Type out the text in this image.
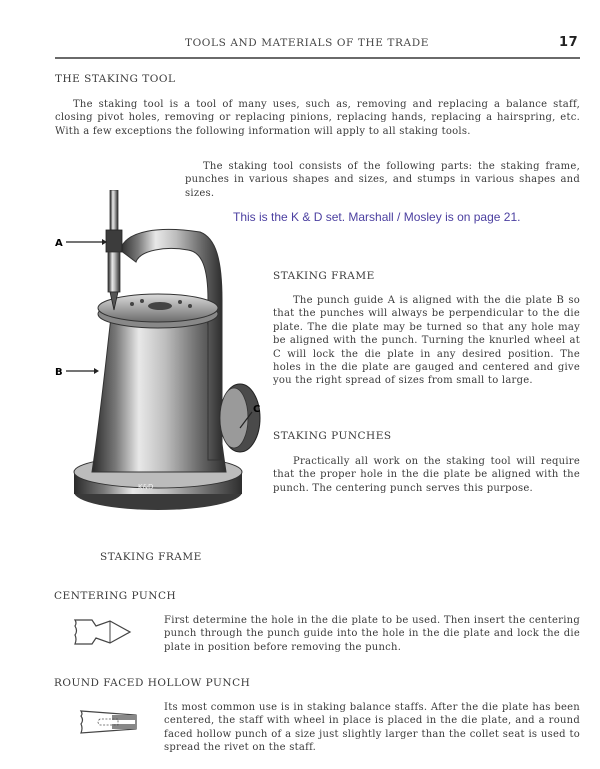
TOOLS AND MATERIALS OF THE TRADE	17
THE STAKING TOOL
The staking tool is a tool of many uses, such as, removing and replacing a balance staff, closing pivot holes, removing or replacing pinions, replacing hands, replacing a hairspring, etc. With a few exceptions the following information will apply to all staking tools.
The staking tool consists of the following parts: the staking frame, punches in various shapes and sizes, and stumps in various shapes and sizes.
This is the K & D set. Marshall / Mosley is on page 21.
K&D
A
B
C
STAKING FRAME
The punch guide A is aligned with the die plate B so that the punches will always be perpendicular to the die plate. The die plate may be turned so that any hole may be aligned with the punch. Turning the knurled wheel at C will lock the die plate in any desired position. The holes in the die plate are gauged and centered and give you the right spread of sizes from small to large.
STAKING PUNCHES
Practically all work on the staking tool will require that the proper hole in the die plate be aligned with the punch. The centering punch serves this purpose.
STAKING FRAME
CENTERING PUNCH
First determine the hole in the die plate to be used. Then insert the centering punch through the punch guide into the hole in the die plate and lock the die plate in position before removing the punch.
ROUND FACED HOLLOW PUNCH
Its most common use is in staking balance staffs. After the die plate has been centered, the staff with wheel in place is placed in the die plate, and a round faced hollow punch of a size just slightly larger than the collet seat is used to spread the rivet on the staff.
